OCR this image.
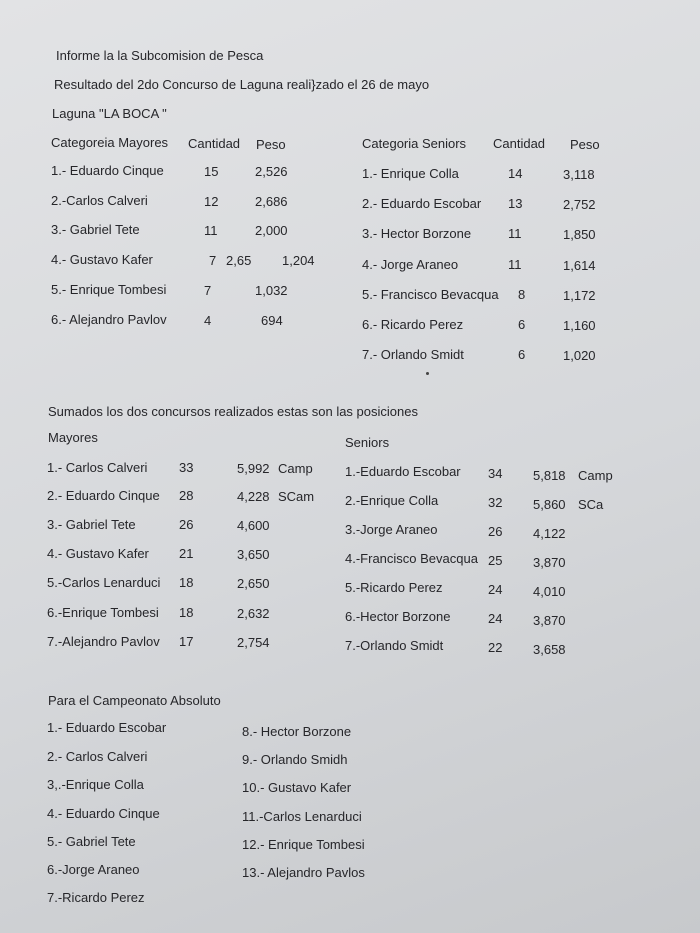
Informe la la Subcomision de Pesca
Resultado del 2do Concurso de Laguna reali}zado el 26 de mayo
Laguna "LA BOCA "
Categoreia Mayores Cantidad Peso	Categoria Seniors Cantidad Peso
1.- Eduardo Cinque	15	2,526
2.-Carlos Calveri	12	2,686
3.- Gabriel Tete	11	2,000
4.- Gustavo Kafer	7 2,65 1,204
5.- Enrique Tombesi	7	1,032
6.- Alejandro Pavlov	4	694
1.- Enrique Colla	14	3,118
2.- Eduardo Escobar 13	2,752
3.- Hector Borzone	11	1,850
4.- Jorge Araneo	11	1,614
5.- Francisco Bevacqua 8	1,172
6.- Ricardo Perez	6	1,160
7.- Orlando Smidt	6	1,020
Sumados los dos concursos realizados estas son las posiciones
Mayores	Seniors
1.- Carlos Calveri 33	5,992 Camp
2.- Eduardo Cinque 28	4,228 SCam
3.- Gabriel Tete	26	4,600
4.- Gustavo Kafer 21	3,650
5.-Carlos Lenarduci 18	2,650
6.-Enrique Tombesi 18	2,632
7.-Alejandro Pavlov 17	2,754
1.-Eduardo Escobar 34 5,818 Camp
2.-Enrique Colla	32 5,860 SCa
3.-Jorge Araneo	26 4,122
4.-Francisco Bevacqua 25 3,870
5.-Ricardo Perez	24 4,010
6.-Hector Borzone	24 3,870
7.-Orlando Smidt	22 3,658
Para el Campeonato Absoluto
1.- Eduardo Escobar
2.- Carlos Calveri
3,.-Enrique Colla
4.- Eduardo Cinque
5.- Gabriel Tete
6.-Jorge Araneo
7.-Ricardo Perez
8.- Hector Borzone
9.- Orlando Smidh
10.- Gustavo Kafer
11.-Carlos Lenarduci
12.- Enrique Tombesi
13.- Alejandro Pavlos
